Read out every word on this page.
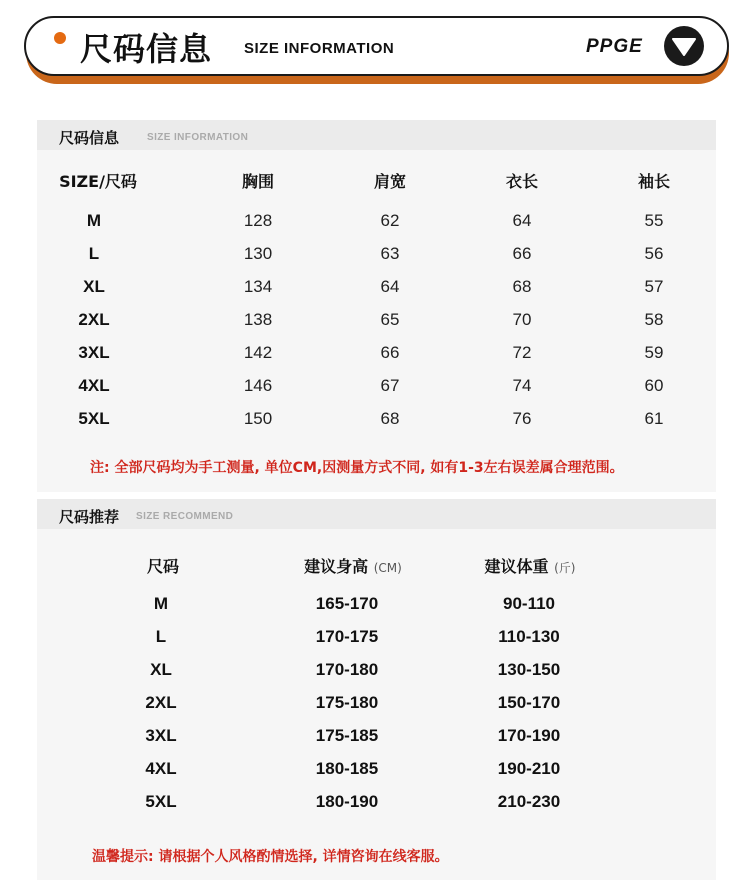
尺码信息 SIZE INFORMATION	PPGE
尺码信息	SIZE INFORMATION
SIZE/尺码	胸围	肩宽	衣长	袖长
M	128	62	64	55
L	130	63	66	56
XL	134	64	68	57
2XL	138	65	70	58
3XL	142	66	72	59
4XL	146	67	74	60
5XL	150	68	76	61
注: 全部尺码均为手工测量, 单位CM,因测量方式不同, 如有1-3左右误差属合理范围。
尺码推荐 SIZE RECOMMEND
尺码	建议身高 (CM)	建议体重 (斤)
M	165-170	90-110
L	170-175	110-130
XL	170-180	130-150
2XL	175-180	150-170
3XL	175-185	170-190
4XL	180-185	190-210
5XL	180-190	210-230
温馨提示: 请根据个人风格酌情选择, 详情咨询在线客服。
